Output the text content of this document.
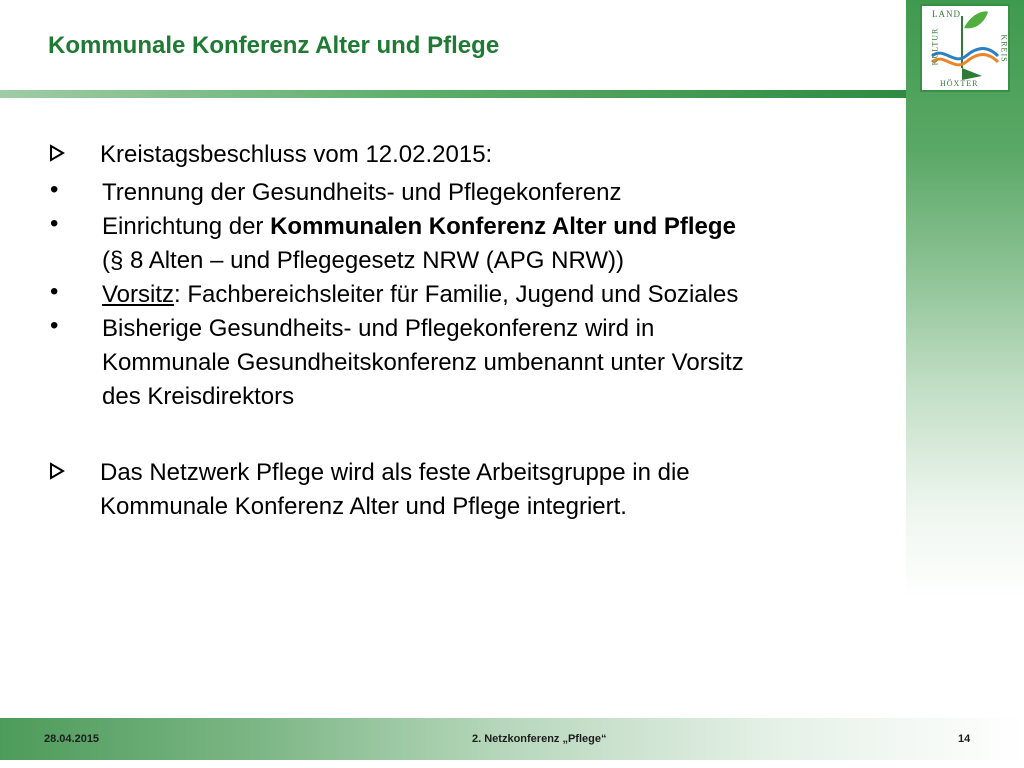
LAND
KULTUR	KREIS
HÖXTER
Kommunale Konferenz Alter und Pflege
Kreistagsbeschluss vom 12.02.2015:
•	Trennung der Gesundheits- und Pflegekonferenz
•	Einrichtung der Kommunalen Konferenz Alter und Pflege
(§ 8 Alten – und Pflegegesetz NRW (APG NRW))
•	Vorsitz: Fachbereichsleiter für Familie, Jugend und Soziales
•	Bisherige Gesundheits- und Pflegekonferenz wird in
Kommunale Gesundheitskonferenz umbenannt unter Vorsitz
des Kreisdirektors
Das Netzwerk Pflege wird als feste Arbeitsgruppe in die
Kommunale Konferenz Alter und Pflege integriert.
28.04.2015	2. Netzkonferenz „Pflege“	14
